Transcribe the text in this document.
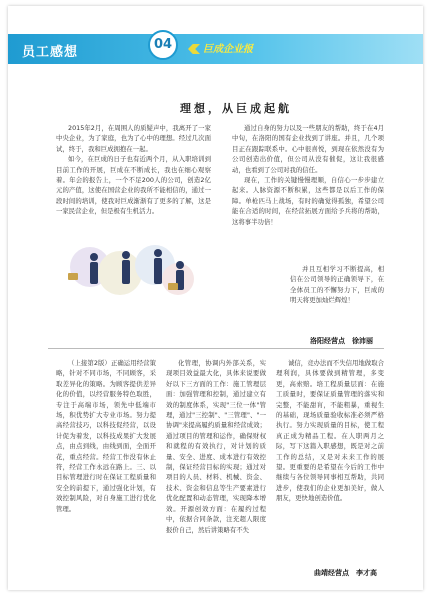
员工感想
04	巨成企业报
理想，从巨成起航

2015年2月，在周围人的质疑声中，我离开了一家中央企业，为了家庭，也为了心中的理想。经过几次面试，终于，我和巨成拥抱在一起。

如今，在巨成的日子也有近两个月，从入职培训到目前工作的开展，巨成在不断成长，我也在细心观察着。年会的报告上，一个不足200人的公司，创造2亿元的产值，这使在国营企业的我所不能相信的，通过一段时间的培训，使我对巨成渐渐有了更多的了解，这是一家民营企业，但是极有生机活力。

通过自身的努力以及一些朋友的帮助，终于在4月中旬，在洛阳的国有企业找到了讲座。并且，几个项目正在跟踪联系中。心中很喜悦，到现在依然没有为公司创造出价值，但公司从没有催促，这让我很感动，也看到了公司对我的信任。

现在，工作的关键慢慢理顺，自信心一步步建立起来。人脉资源不断积累，这些都是以后工作的保障。单枪匹马上战场，有时的确觉得孤独，希望公司能在合适的时间，在经营拓展方面给予兵将的帮助，这将事半功倍！

并且互相学习不断提高，相信在公司领导的正确领导下，在全体员工的不懈努力下，巨成的明天将更加灿烂辉煌！

洛阳经营点　徐沛丽

（上接第2版）正确运用经营策略，针对不同市场，不同顾客，采取差异化的策略。为顾客提供差异化的价值，以经营服务特色取胜，专注于高端市场，领先中低端市场，积优势扩大专业市场。努力提高经营技巧，以科技促经营，以设计促为着发，以科技成果扩大发展点，由点到线，由线到面，全面开花，重点经营。经营工作没有休止符，经营工作永远在路上。三、以目标管理进行时在保证工程质量和安全的前提下，通过强化计划，有效控制风险，对自身施工进行优化管理。

化管理，协调内外部关系，实现项目效益最大化，具体来说要做好以下三方面的工作：施工管理层面：加强管理和控制，通过建立有效的制度体系，实现"三位一体"管理，通过"三控制"、"三管理"、"一协调"来提高履约质量和经营成效；通过项目的管理和运作，确保财权和就程的有效执行，对计划的质量、安全、进度、成本进行有效控制，保证经营目标的实现；通过对项目的人员、材料、机械、资金、技术、资金和信息等生产要素进行优化配置和动态管理，实现降本增效。开源创效方面：在履约过程中，依据合同条款，注充超人限度报价自己，然后讲策略有不失

诚信，竞办法而不失信用地做取合理利润，具体要做到精管理，多变更，高索赔。培工程质量层面：在施工质量时，要保证质量管理的落实和完整，不能甜肓，不能粗暴，重视生的基础，现场质量验收标准必须严格执行。努力实现质量的目标，使工程真正成为精品工程。在人职两月之际，写下这篇入职感想，既是对之前工作的总结，又是对未来工作的展望。更重要的是希望在今后的工作中继续与各位领导同事相互帮助，共同进步，使我们的企业更加美好，做人朋友，更快地创造价值。

曲靖经营点　李才高
